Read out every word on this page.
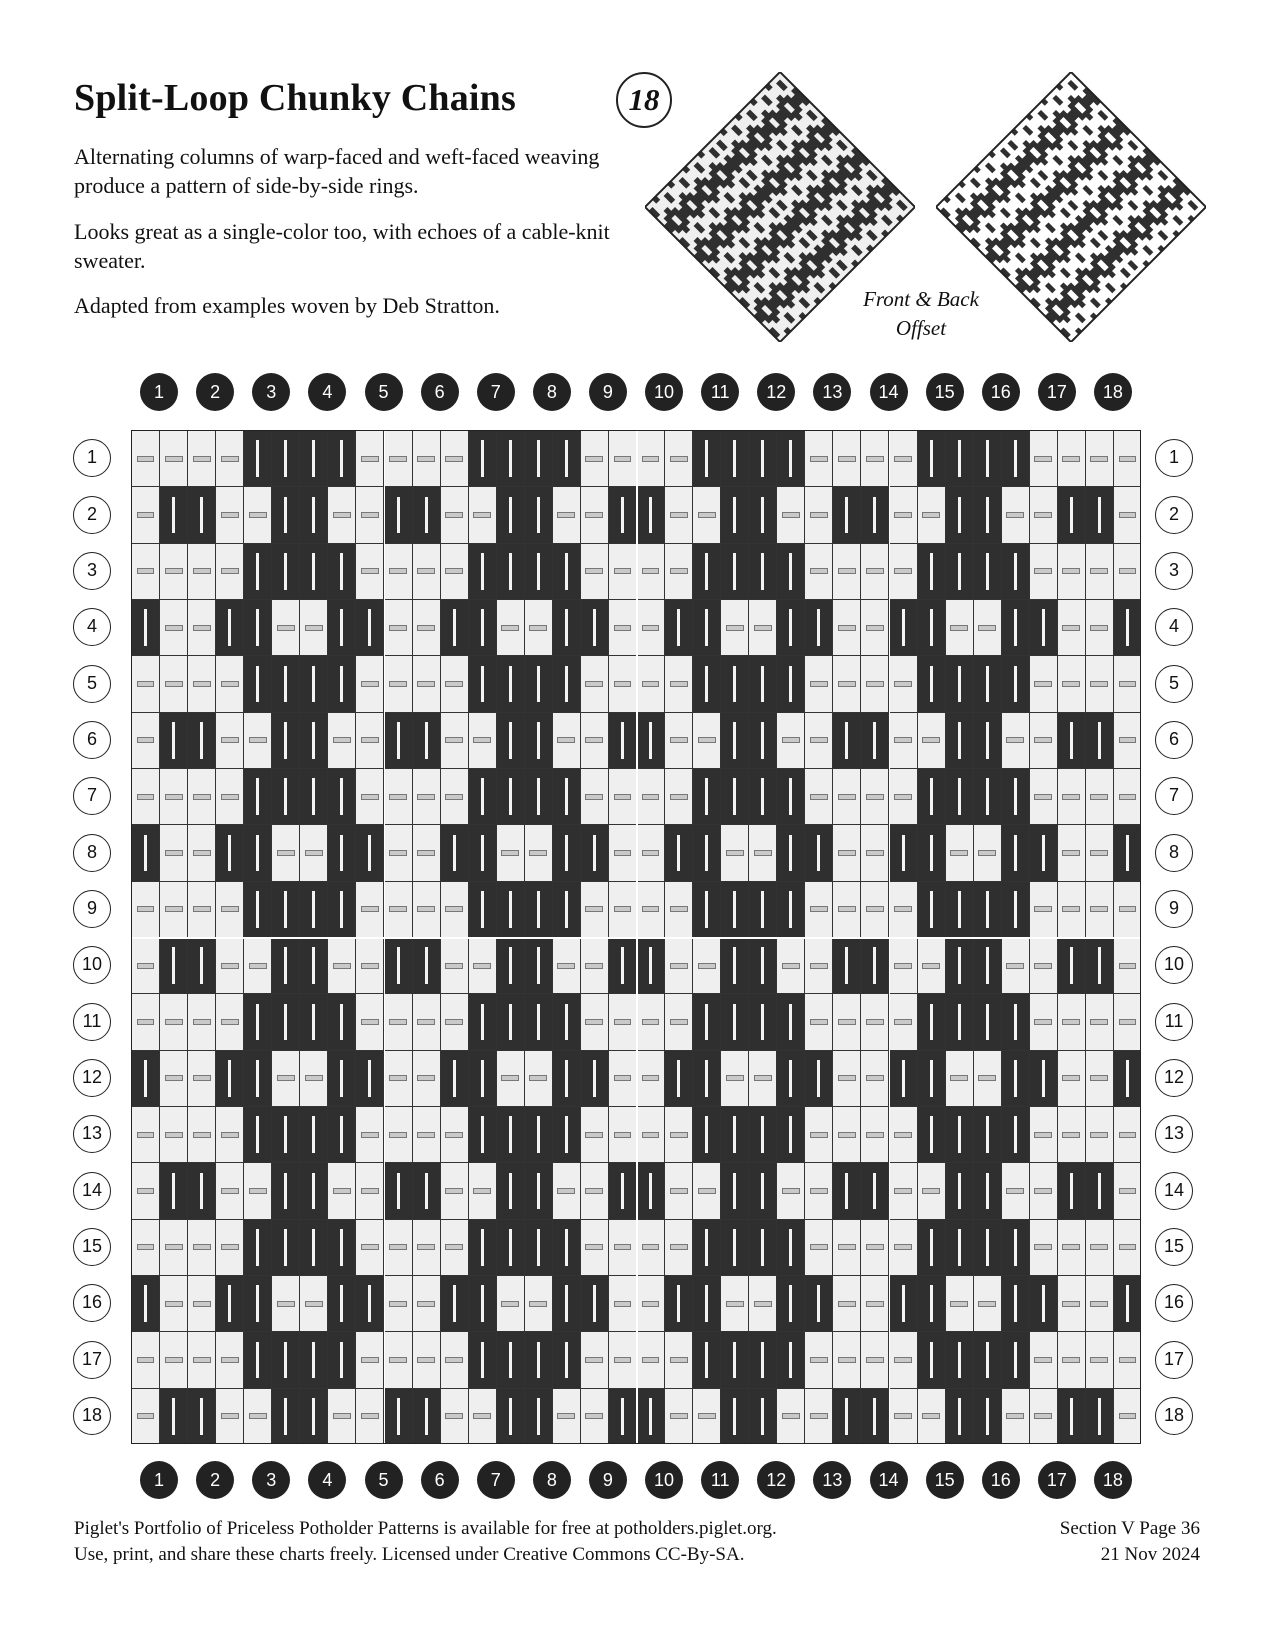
Split-Loop Chunky Chains	18

Alternating columns of warp-faced and weft-faced weaving produce a pattern of side-by-side rings.

Looks great as a single-color too, with echoes of a cable-knit sweater.

Adapted from examples woven by Deb Stratton.	Front & Back
Offset
1	2	3	4	5	6	7	8	9	10	11	12	13	14	15	16	17	18
1
2
3
4
5
6
7
8
9
10
11
12
13
14
15
16
17
18
1
2
3
4
5
6
7
8
9
10
11
12
13
14
15
16
17
18
1	2	3	4	5	6	7	8	9	10	11	12	13	14	15	16	17	18
Piglet's Portfolio of Priceless Potholder Patterns is available for free at potholders.piglet.org.
Use, print, and share these charts freely. Licensed under Creative Commons CC-By-SA.
Section V Page 36
21 Nov 2024
